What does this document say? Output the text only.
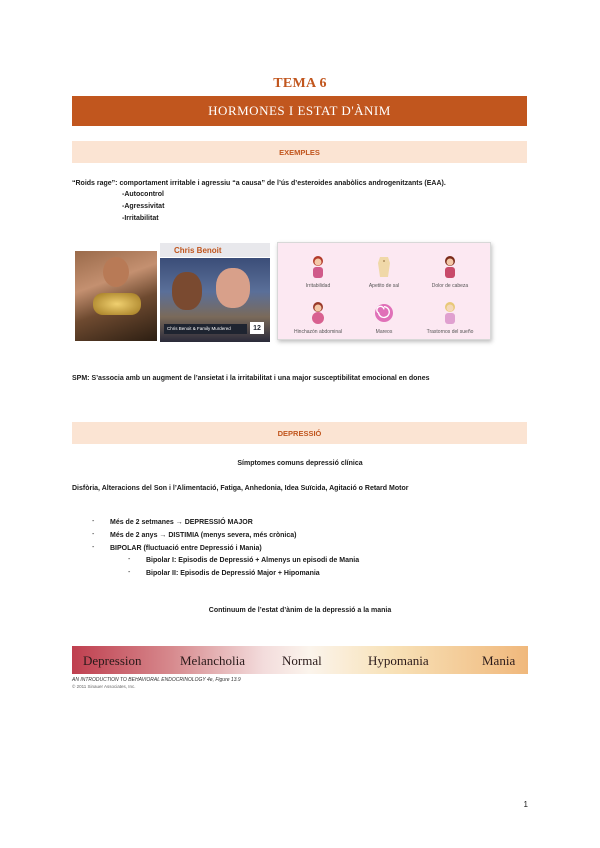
TEMA 6
HORMONES I ESTAT D'ÀNIM
EXEMPLES
“Roids rage”: comportament irritable i agressiu “a causa” de l’ús d’esteroides anabòlics androgenitzants (EAA).
-Autocontrol
-Agressivitat
-Irritabilitat
Chris Benoit
Chris Benoit & Family Murdered	12
Irritabilidad	Apetito de sal	Dolor de cabeza
Hinchazón abdominal	Mareos	Trastornos del sueño
SPM: S’associa amb un augment de l’ansietat i la irritabilitat i una major susceptibilitat emocional en dones
DEPRESSIÓ
Símptomes comuns depressió clínica
Disfòria, Alteracions del Son i l’Alimentació, Fatiga, Anhedonia, Idea Suïcida, Agitació o Retard Motor
- Més de 2 setmanes → DEPRESSIÓ MAJOR
- Més de 2 anys → DISTIMIA (menys severa, més crònica)
- BIPOLAR (fluctuació entre Depressió i Mania)
- Bipolar I: Episodis de Depressió + Almenys un episodi de Mania
- Bipolar II: Episodis de Depressió Major + Hipomania
Continuum de l’estat d’ànim de la depressió a la mania
Depression	Melancholia	Normal	Hypomania	Mania
AN INTRODUCTION TO BEHAVIORAL ENDOCRINOLOGY 4e, Figure 13.9
© 2011 Sinauer Associates, Inc.
1
